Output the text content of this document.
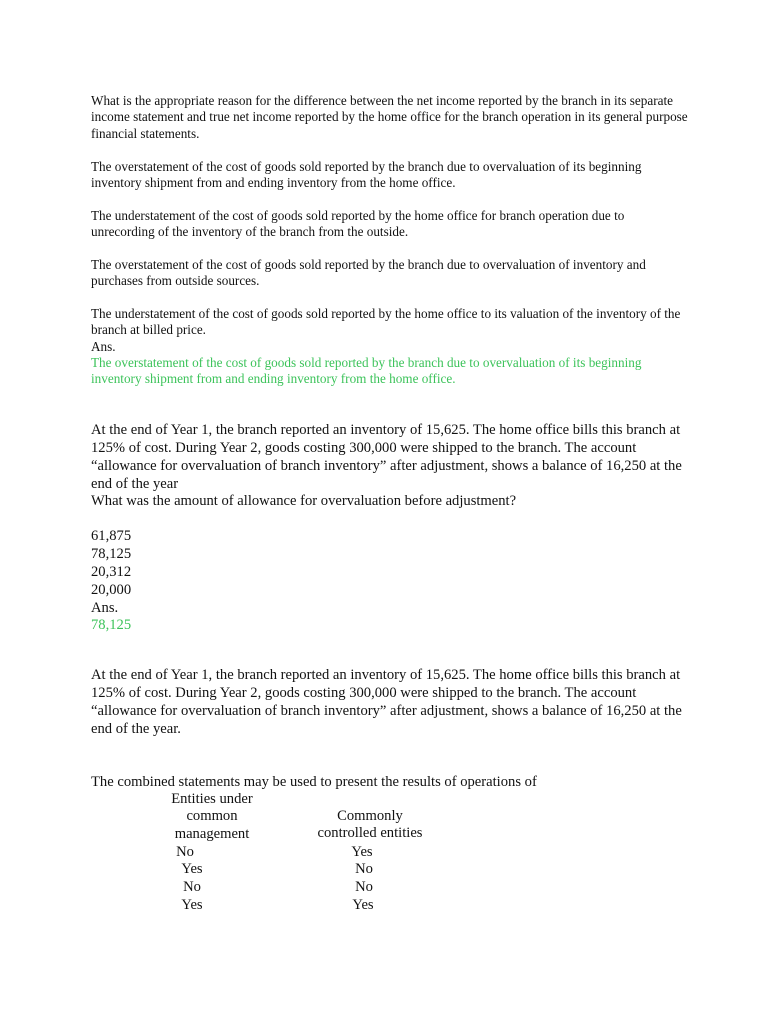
What is the appropriate reason for the difference between the net income reported by the branch in its separate income statement and true net income reported by the home office for the branch operation in its general purpose financial statements.

The overstatement of the cost of goods sold reported by the branch due to overvaluation of its beginning inventory shipment from and ending inventory from the home office.

The understatement of the cost of goods sold reported by the home office for branch operation due to unrecording of the inventory of the branch from the outside.

The overstatement of the cost of goods sold reported by the branch due to overvaluation of inventory and purchases from outside sources.

The understatement of the cost of goods sold reported by the home office to its valuation of the inventory of the branch at billed price.

Ans.

The overstatement of the cost of goods sold reported by the branch due to overvaluation of its beginning inventory shipment from and ending inventory from the home office.

At the end of Year 1, the branch reported an inventory of 15,625. The home office bills this branch at 125% of cost. During Year 2, goods costing 300,000 were shipped to the branch. The account “allowance for overvaluation of branch inventory” after adjustment, shows a balance of 16,250 at the end of the year

What was the amount of allowance for overvaluation before adjustment?

61,875

78,125

20,312

20,000

Ans.

78,125

At the end of Year 1, the branch reported an inventory of 15,625. The home office bills this branch at 125% of cost. During Year 2, goods costing 300,000 were shipped to the branch. The account “allowance for overvaluation of branch inventory” after adjustment, shows a balance of 16,250 at the end of the year.

The combined statements may be used to present the results of operations of

Entities under
common
management
Commonly
controlled entities
No	Yes
Yes	No
No	No
Yes	Yes
